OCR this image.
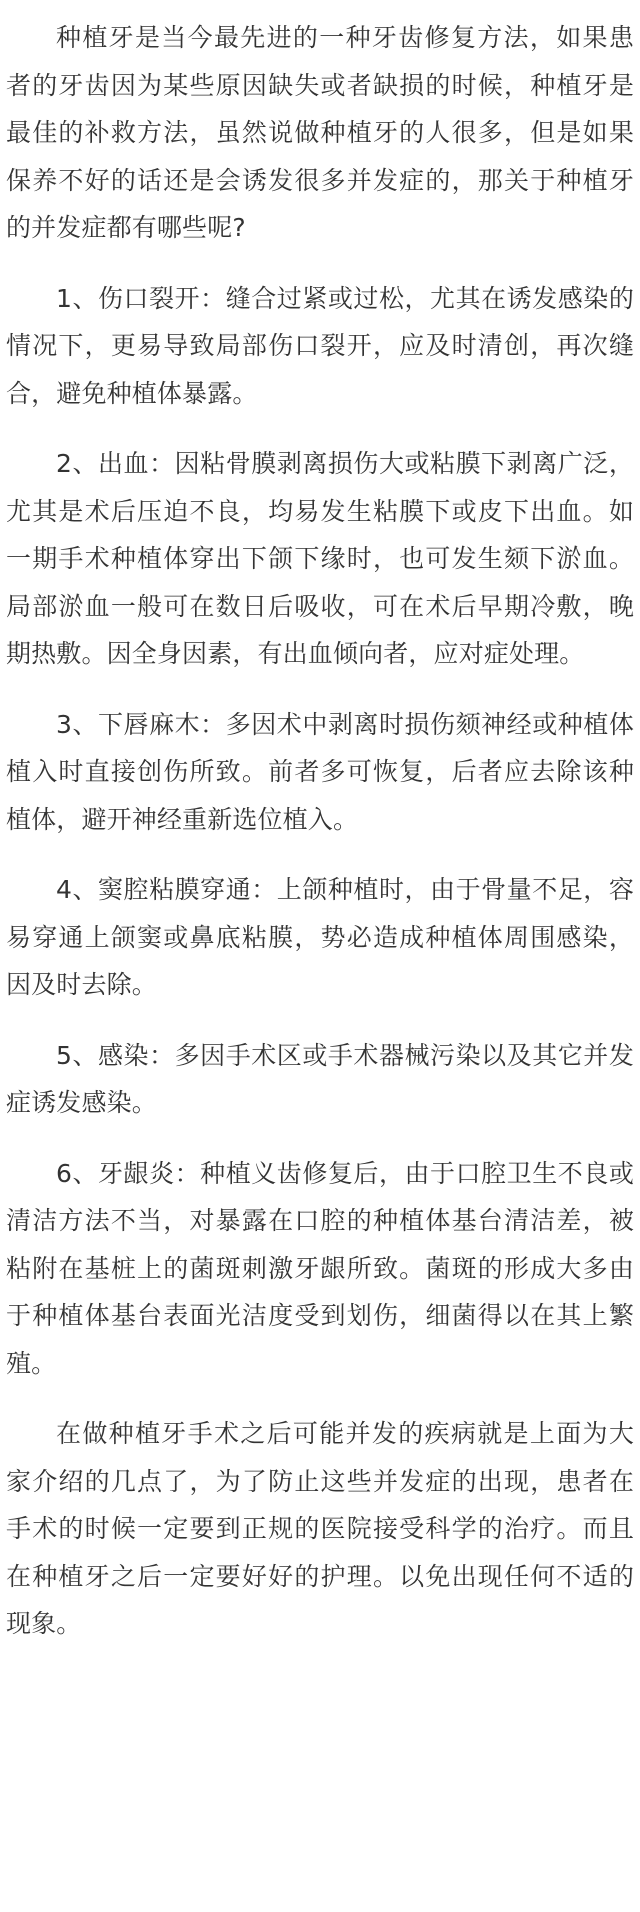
种植牙是当今最先进的一种牙齿修复方法，如果患者的牙齿因为某些原因缺失或者缺损的时候，种植牙是最佳的补救方法，虽然说做种植牙的人很多，但是如果保养不好的话还是会诱发很多并发症的，那关于种植牙的并发症都有哪些呢?

1、伤口裂开：缝合过紧或过松，尤其在诱发感染的情况下，更易导致局部伤口裂开，应及时清创，再次缝合，避免种植体暴露。

2、出血：因粘骨膜剥离损伤大或粘膜下剥离广泛，尤其是术后压迫不良，均易发生粘膜下或皮下出血。如一期手术种植体穿出下颌下缘时，也可发生颏下淤血。局部淤血一般可在数日后吸收，可在术后早期冷敷，晚期热敷。因全身因素，有出血倾向者，应对症处理。

3、下唇麻木：多因术中剥离时损伤颏神经或种植体植入时直接创伤所致。前者多可恢复，后者应去除该种植体，避开神经重新选位植入。

4、窦腔粘膜穿通：上颌种植时，由于骨量不足，容易穿通上颌窦或鼻底粘膜，势必造成种植体周围感染，因及时去除。

5、感染：多因手术区或手术器械污染以及其它并发症诱发感染。

6、牙龈炎：种植义齿修复后，由于口腔卫生不良或清洁方法不当，对暴露在口腔的种植体基台清洁差，被粘附在基桩上的菌斑刺激牙龈所致。菌斑的形成大多由于种植体基台表面光洁度受到划伤，细菌得以在其上繁殖。

在做种植牙手术之后可能并发的疾病就是上面为大家介绍的几点了，为了防止这些并发症的出现，患者在手术的时候一定要到正规的医院接受科学的治疗。而且在种植牙之后一定要好好的护理。以免出现任何不适的现象。
